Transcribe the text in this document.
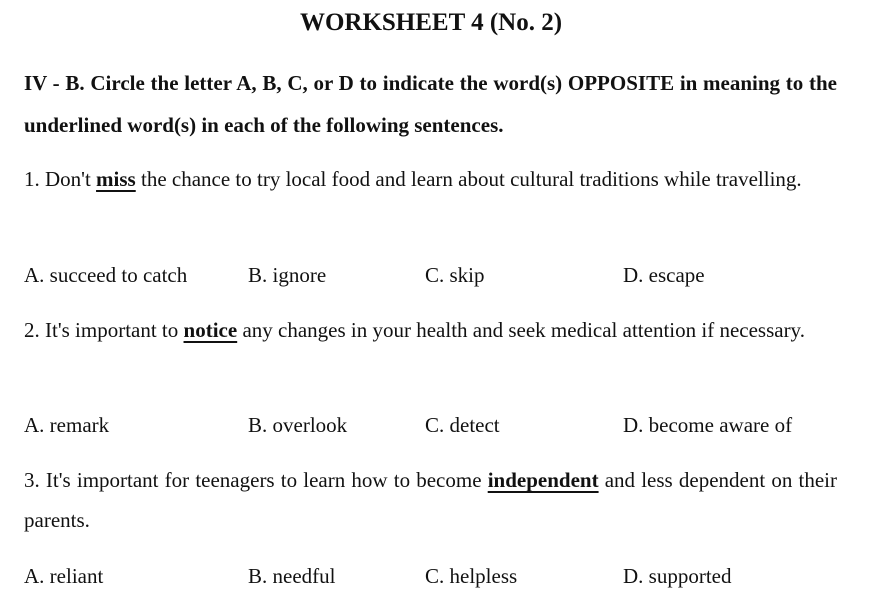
WORKSHEET 4 (No. 2)
IV - B. Circle the letter A, B, C, or D to indicate the word(s) OPPOSITE in meaning to the underlined word(s) in each of the following sentences.
1. Don't miss the chance to try local food and learn about cultural traditions while travelling.
A. succeed to catch	B. ignore	C. skip	D. escape
2. It's important to notice any changes in your health and seek medical attention if necessary.
A. remark	B. overlook	C. detect	D. become aware of
3. It's important for teenagers to learn how to become independent and less dependent on their parents.
A. reliant	B. needful	C. helpless	D. supported
